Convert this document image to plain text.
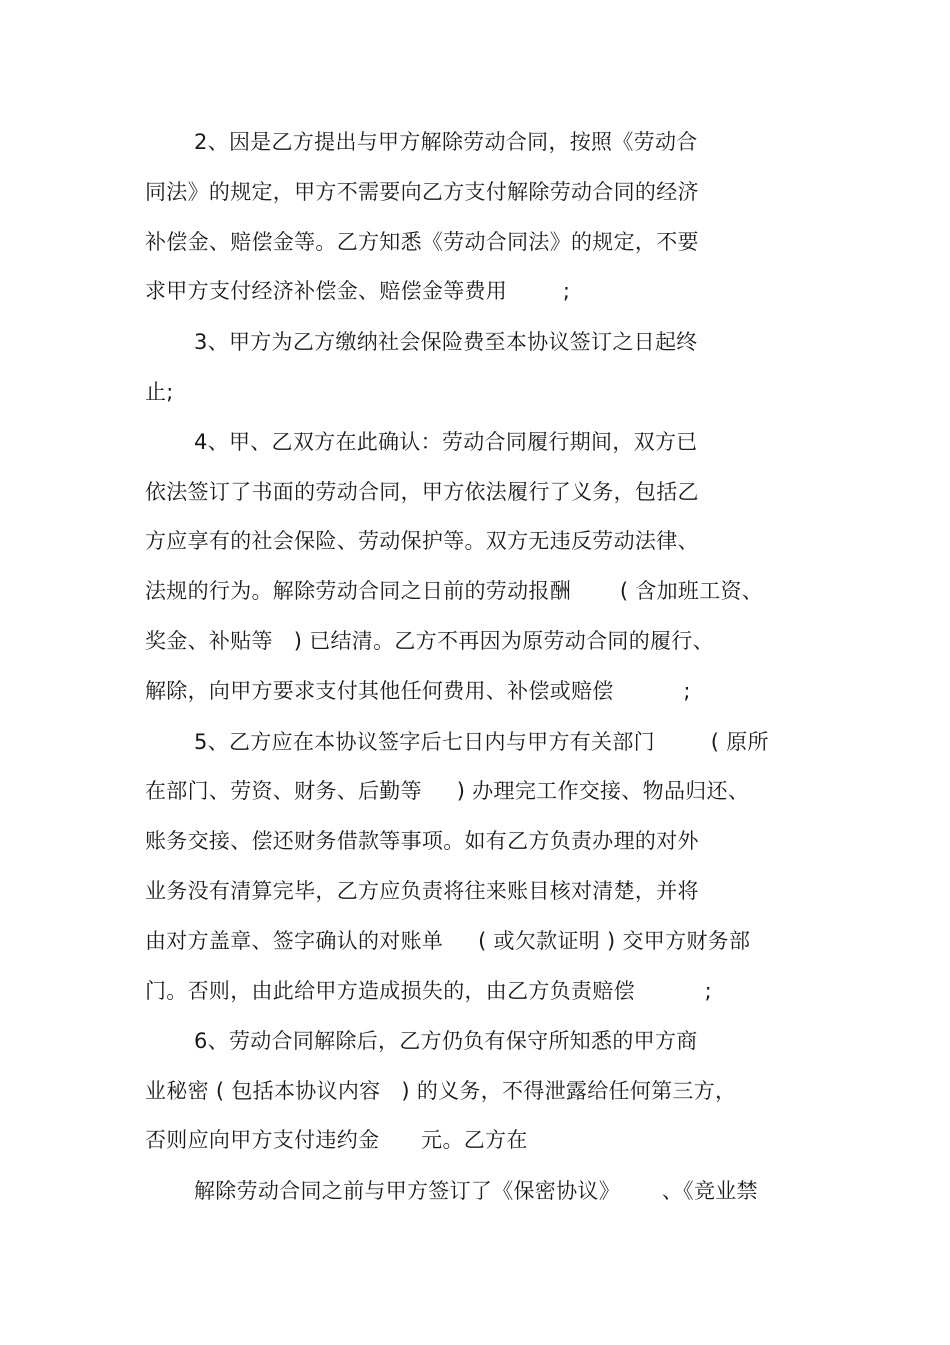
2、因是乙方提出与甲方解除劳动合同，按照《劳动合
同法》的规定，甲方不需要向乙方支付解除劳动合同的经济
补偿金、赔偿金等。乙方知悉《劳动合同法》的规定，不要
求甲方支付经济补偿金、赔偿金等费用        ;
3、甲方为乙方缴纳社会保险费至本协议签订之日起终
止;
4、甲、乙双方在此确认：劳动合同履行期间，双方已
依法签订了书面的劳动合同，甲方依法履行了义务，包括乙
方应享有的社会保险、劳动保护等。双方无违反劳动法律、
法规的行为。解除劳动合同之日前的劳动报酬       ( 含加班工资、
奖金、补贴等   ) 已结清。乙方不再因为原劳动合同的履行、
解除，向甲方要求支付其他任何费用、补偿或赔偿          ;
5、乙方应在本协议签字后七日内与甲方有关部门        ( 原所
在部门、劳资、财务、后勤等     ) 办理完工作交接、物品归还、
账务交接、偿还财务借款等事项。如有乙方负责办理的对外
业务没有清算完毕，乙方应负责将往来账目核对清楚，并将
由对方盖章、签字确认的对账单     ( 或欠款证明 ) 交甲方财务部
门。否则，由此给甲方造成损失的，由乙方负责赔偿          ;
6、劳动合同解除后，乙方仍负有保守所知悉的甲方商
业秘密 ( 包括本协议内容   ) 的义务，不得泄露给任何第三方，
否则应向甲方支付违约金      元。乙方在
解除劳动合同之前与甲方签订了《保密协议》      、《竞业禁
